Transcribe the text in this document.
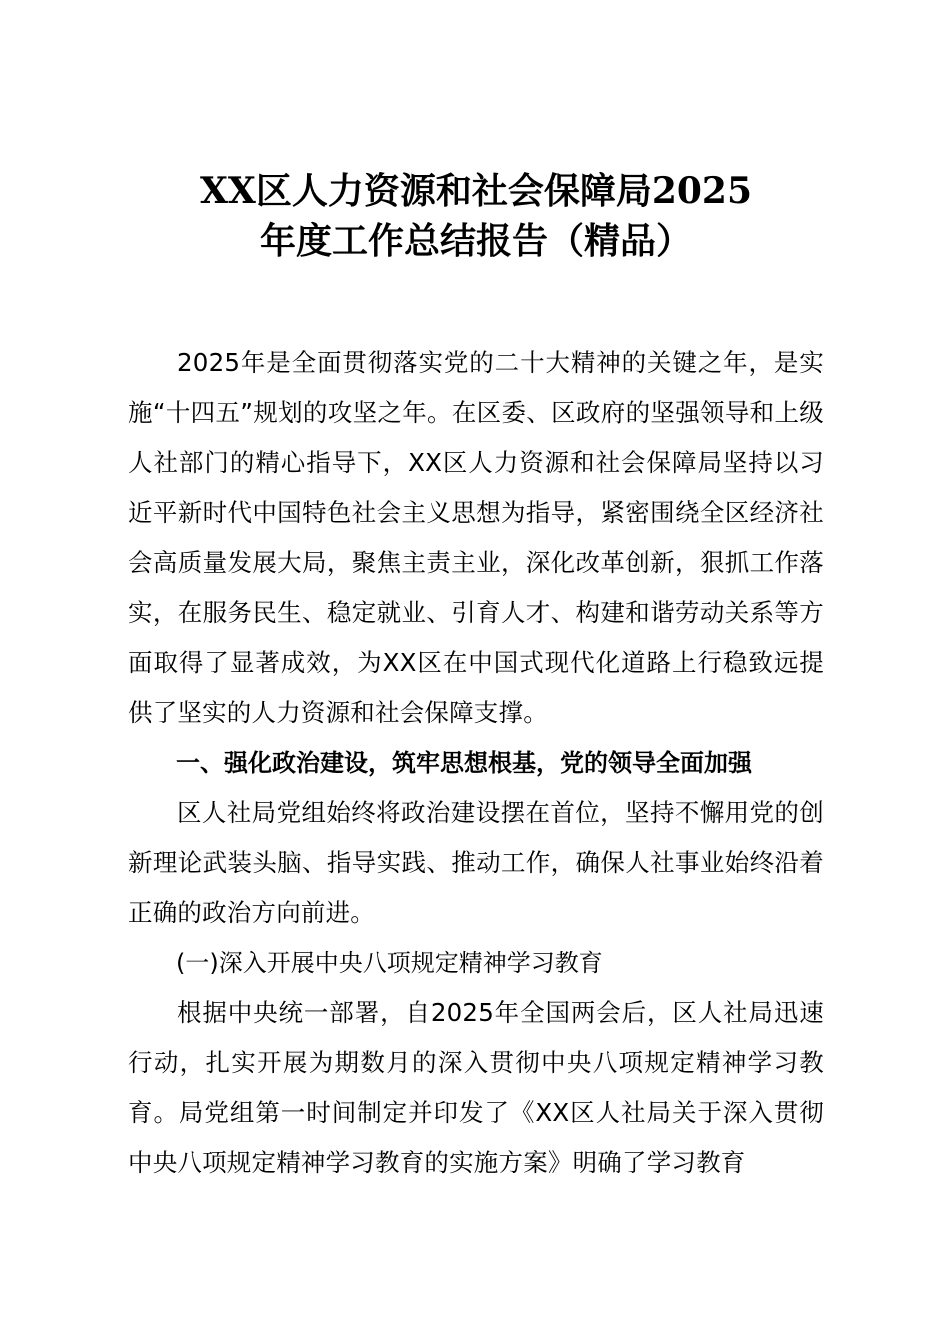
XX区人力资源和社会保障局2025
年度工作总结报告（精品）

2025年是全面贯彻落实党的二十大精神的关键之年，是实施“十四五”规划的攻坚之年。在区委、区政府的坚强领导和上级人社部门的精心指导下，XX区人力资源和社会保障局坚持以习近平新时代中国特色社会主义思想为指导，紧密围绕全区经济社会高质量发展大局，聚焦主责主业，深化改革创新，狠抓工作落实，在服务民生、稳定就业、引育人才、构建和谐劳动关系等方面取得了显著成效，为XX区在中国式现代化道路上行稳致远提供了坚实的人力资源和社会保障支撑。

一、强化政治建设，筑牢思想根基，党的领导全面加强

区人社局党组始终将政治建设摆在首位，坚持不懈用党的创新理论武装头脑、指导实践、推动工作，确保人社事业始终沿着正确的政治方向前进。

(一)深入开展中央八项规定精神学习教育

根据中央统一部署，自2025年全国两会后，区人社局迅速行动，扎实开展为期数月的深入贯彻中央八项规定精神学习教育。局党组第一时间制定并印发了《XX区人社局关于深入贯彻中央八项规定精神学习教育的实施方案》明确了学习教育
